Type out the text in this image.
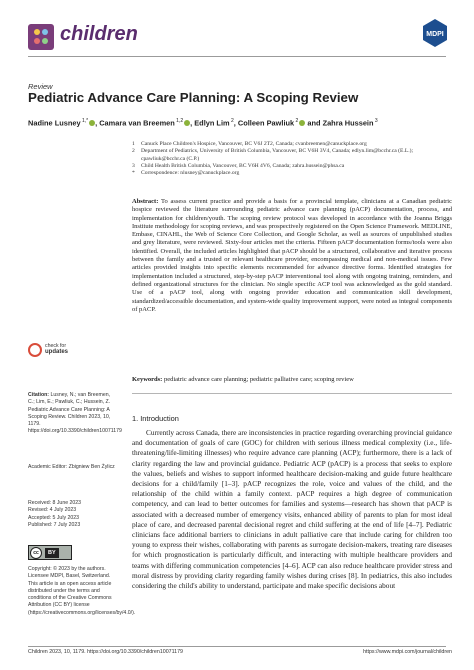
children	MDPI
Review
Pediatric Advance Care Planning: A Scoping Review
Nadine Lusney $^{1,*}$ , Camara van Breemen $^{1,2}$ , Edlyn Lim $^2$, Colleen Pawliuk $^2$ and Zahra Hussein $^3$
1	Canuck Place Children's Hospice, Vancouver, BC V6J 2T2, Canada; cvanbreemen@canuckplace.org
2	Department of Pediatrics, University of British Columbia, Vancouver, BC V6H 3V4, Canada; edlyn.lim@bcchr.ca (E.L.); cpawliuk@bcchr.ca (C.P.)
3	Child Health British Columbia, Vancouver, BC V6H 4V6, Canada; zahra.hussein@phsa.ca
*	Correspondence: nlusney@canuckplace.org
Abstract: To assess current practice and provide a basis for a provincial template, clinicians at a Canadian pediatric hospice reviewed the literature surrounding pediatric advance care planning (pACP) documentation, process, and implementation for children/youth. The scoping review protocol was developed in accordance with the Joanna Briggs Institute methodology for scoping reviews, and was prospectively registered on the Open Science Framework. MEDLINE, Embase, CINAHL, the Web of Science Core Collection, and Google Scholar, as well as sources of unpublished studies and grey literature, were reviewed. Sixty-four articles met the criteria. Fifteen pACP documentation forms/tools were also identified. Overall, the included articles highlighted that pACP should be a structured, collaborative and iterative process between the family and a trusted or relevant healthcare provider, encompassing medical and non-medical issues. Few articles provided insights into specific elements recommended for advance directive forms. Identified strategies for implementation included a structured, step-by-step pACP interventional tool along with ongoing training, reminders, and defined organizational structures for the clinician. No single specific ACP tool was acknowledged as the gold standard. Use of a pACP tool, along with ongoing provider education and communication skill development, standardized/accessible documentation, and system-wide quality improvement support, were noted as integral components of pACP.
Keywords: pediatric advance care planning; pediatric palliative care; scoping review
check for
updates
Citation: Lusney, N.; van Breemen, C.; Lim, E.; Pawliuk, C.; Hussein, Z. Pediatric Advance Care Planning: A Scoping Review. Children 2023, 10, 1179. https://doi.org/10.3390/children10071179
Academic Editor: Zbigniew Ben Żyliсz
Received: 8 June 2023
Revised: 4 July 2023
Accepted: 5 July 2023
Published: 7 July 2023
cc	BY
Copyright: © 2023 by the authors. Licensee MDPI, Basel, Switzerland. This article is an open access article distributed under the terms and conditions of the Creative Commons Attribution (CC BY) license (https://creativecommons.org/licenses/by/4.0/).
1. Introduction
Currently across Canada, there are inconsistencies in practice regarding overarching provincial guidance and documentation of goals of care (GOC) for children with serious illness medical complexity (i.e., life-threatening/life-limiting illnesses) who require advance care planning (ACP); furthermore, there is a lack of clarity regarding the law and provincial guidance. Pediatric ACP (pACP) is a process that seeks to explore the values, beliefs and wishes to support informed healthcare decision-making and guide future healthcare decisions for a child/family [1–3]. pACP recognizes the role, voice and values of the child, and the relationship of the child within a family context. pACP requires a high degree of communication competency, and can lead to better outcomes for families and systems—research has shown that pACP is associated with a decreased number of emergency visits, enhanced ability of parents to plan for most ideal place of care, and decreased parental decisional regret and child suffering at the end of life [4–7]. Pediatric clinicians face additional barriers to clinicians in adult palliative care that include caring for children too young to express their wishes, collaborating with parents as surrogate decision-makers, treating rare diseases for which prognostication is particularly difficult, and interacting with multiple healthcare providers and teams with differing communication competencies [4–6]. ACP can also reduce healthcare provider stress and moral distress by providing clarity regarding family wishes during crises [8]. In pediatrics, this also includes considering the child's ability to understand, participate and make specific decisions about
Children 2023, 10, 1179. https://doi.org/10.3390/children10071179	https://www.mdpi.com/journal/children
